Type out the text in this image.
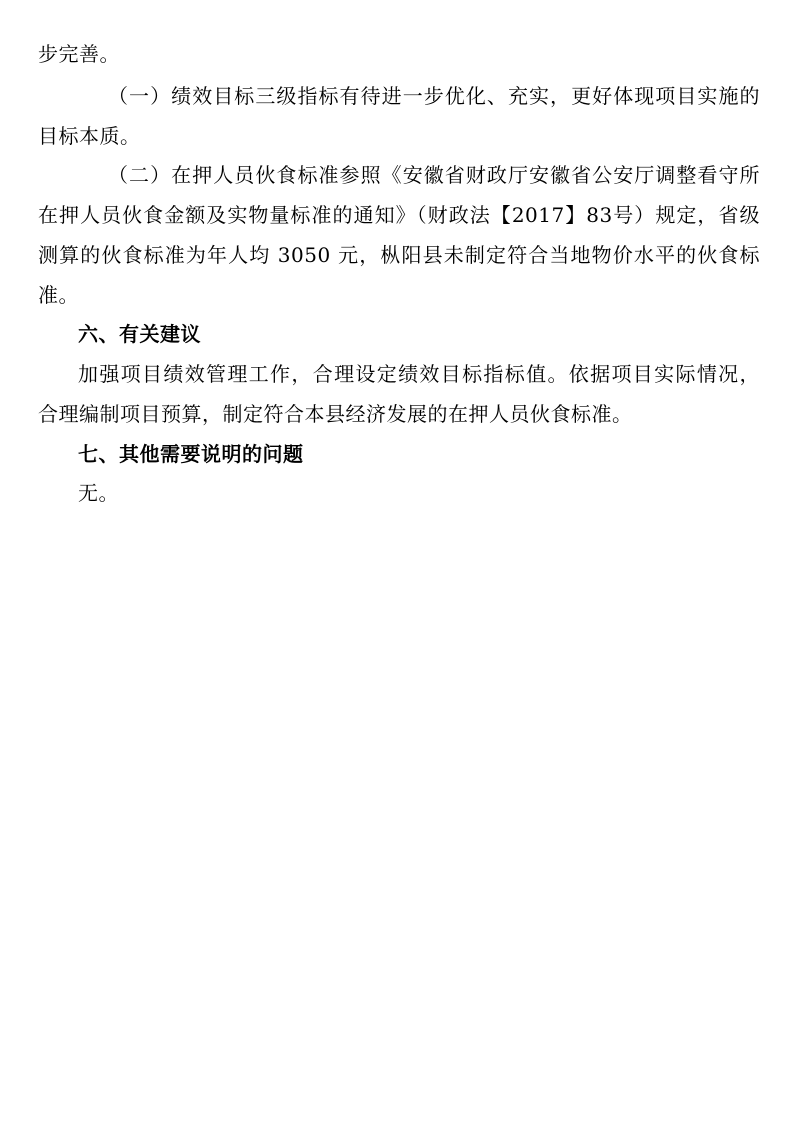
步完善。
（一）绩效目标三级指标有待进一步优化、充实，更好体现项目实施的
目标本质。
（二）在押人员伙食标准参照《安徽省财政厅安徽省公安厅调整看守所
在押人员伙食金额及实物量标准的通知》（财政法【2017】83号）规定，省级
测算的伙食标准为年人均 3050 元，枞阳县未制定符合当地物价水平的伙食标
准。
六、有关建议
加强项目绩效管理工作，合理设定绩效目标指标值。依据项目实际情况，
合理编制项目预算，制定符合本县经济发展的在押人员伙食标准。
七、其他需要说明的问题
无。
